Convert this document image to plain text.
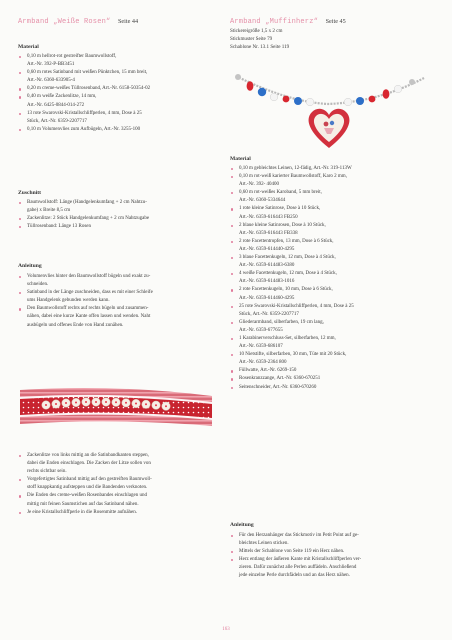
Armband „Weiße Rosen“ Seite 44

Material

0,10 m hellrot-rot gestreifter Baumwollstoff,
Art.-Nr. 392-P-BB3451
0,60 m rotes Satinband mit weißen Pünktchen, 15 mm breit,
Art.-Nr. 6360-633905-4
0,20 m creme-weißes Tüllrosenband, Art.-Nr. 6158-50354-02
0,40 m weiße Zackenlitze, 14 mm,
Art.-Nr. 6425-0844-014-272
13 rote Swarovski-Kristallschliffperlen, 4 mm, Dose à 25
Stück, Art.-Nr. 6359-2207717
0,10 m Volumenvlies zum Aufbügeln, Art.-Nr. 3255-100

Zuschnitt

Baumwollstoff: Länge (Handgelenkumfang + 2 cm Nahtzu-
gabe) x Breite 8,5 cm
Zackenlitze: 2 Stück Handgelenkumfang + 2 cm Nahtzugabe
Tüllrosenband: Länge 13 Rosen

Anleitung

Volumenvlies hinter den Baumwollstoff bügeln und exakt zu-
schneiden.
Satinband in der Länge zuschneiden, dass es mit einer Schleife
ums Handgelenk gebunden werden kann.
Den Baumwollstoff rechts auf rechts bügeln und zusammen-
nähen, dabei eine kurze Kante offen lassen und wenden. Naht
ausbügeln und offenes Ende von Hand zunähen.
Zackenlitze von links mittig an die Satinbandkanten steppen,
dabei die Enden einschlagen. Die Zacken der Litze sollen von
rechts sichtbar sein.
Vorgefertigtes Satinband mittig auf den gestreiften Baumwoll-
stoff knappkantig aufsteppen und die Bandenden verknoten.
Die Enden des creme-weißen Rosenbandes einschlagen und
mittig mit feinen Saumstichen auf das Satinband nähen.
Je eine Kristallschliffperle in die Rosenmitte aufnähen.
Armband „Muffinherz“ Seite 45

Stickereigröße 1,5 x 2 cm

Stickmuster Seite 79

Schablone Nr. 13.1 Seite 119

Material

0,10 m gebleichtes Leinen, 12-fädig, Art.-Nr. 319-113W
0,10 m rot-weiß karierter Baumwollstoff, Karo 2 mm,
Art.-Nr. 392- 40400
0,60 m rot-weißes Karoband, 5 mm breit,
Art.-Nr. 6360-5334644
1 rote kleine Satinrose, Dose à 10 Stück,
Art.-Nr. 6359-616443 FB250
2 blaue kleine Satinrosen, Dose à 10 Stück,
Art.-Nr. 6359-616443 FB338
2 rote Facettentropfen, 13 mm, Dose à 6 Stück,
Art.-Nr. 6359-614440-4295
3 blaue Facettenkugeln, 12 mm, Dose à 4 Stück,
Art.-Nr. 6359-614483-6380
4 weiße Facettenkugeln, 12 mm, Dose à 4 Stück,
Art.-Nr. 6359-614483-1016
2 rote Facettenkugeln, 10 mm, Dose à 6 Stück,
Art.-Nr. 6359-614460-4295
25 rote Swarovski-Kristallschliffperlen, 4 mm, Dose à 25
Stück, Art.-Nr. 6359-2207717
Gliederarmband, silberfarben, 19 cm lang,
Art.-Nr. 6359-677655
1 Karabinerverschluss-Set, silberfarben, 12 mm,
Art.-Nr. 6359-686107
10 Nietstifte, silberfarben, 30 mm, Tüte mit 20 Stück,
Art.-Nr. 6359-2364 800
Füllwatte, Art.-Nr. 6269-150
Rosenkranzzange, Art.-Nr. 6360-670251
Seitenschneider, Art.-Nr. 6360-670260

Anleitung

Für den Herzanhänger das Stickmotiv im Petit Point auf ge-
bleichtes Leinen sticken.
Mittels der Schablone von Seite 119 ein Herz nähen.
Herz entlang der äußeren Kante mit Kristallschliffperlen ver-
zieren. Dafür zunächst alle Perlen auffädeln. Anschließend
jede einzelne Perle durchfädeln und an das Herz nähen.
163
